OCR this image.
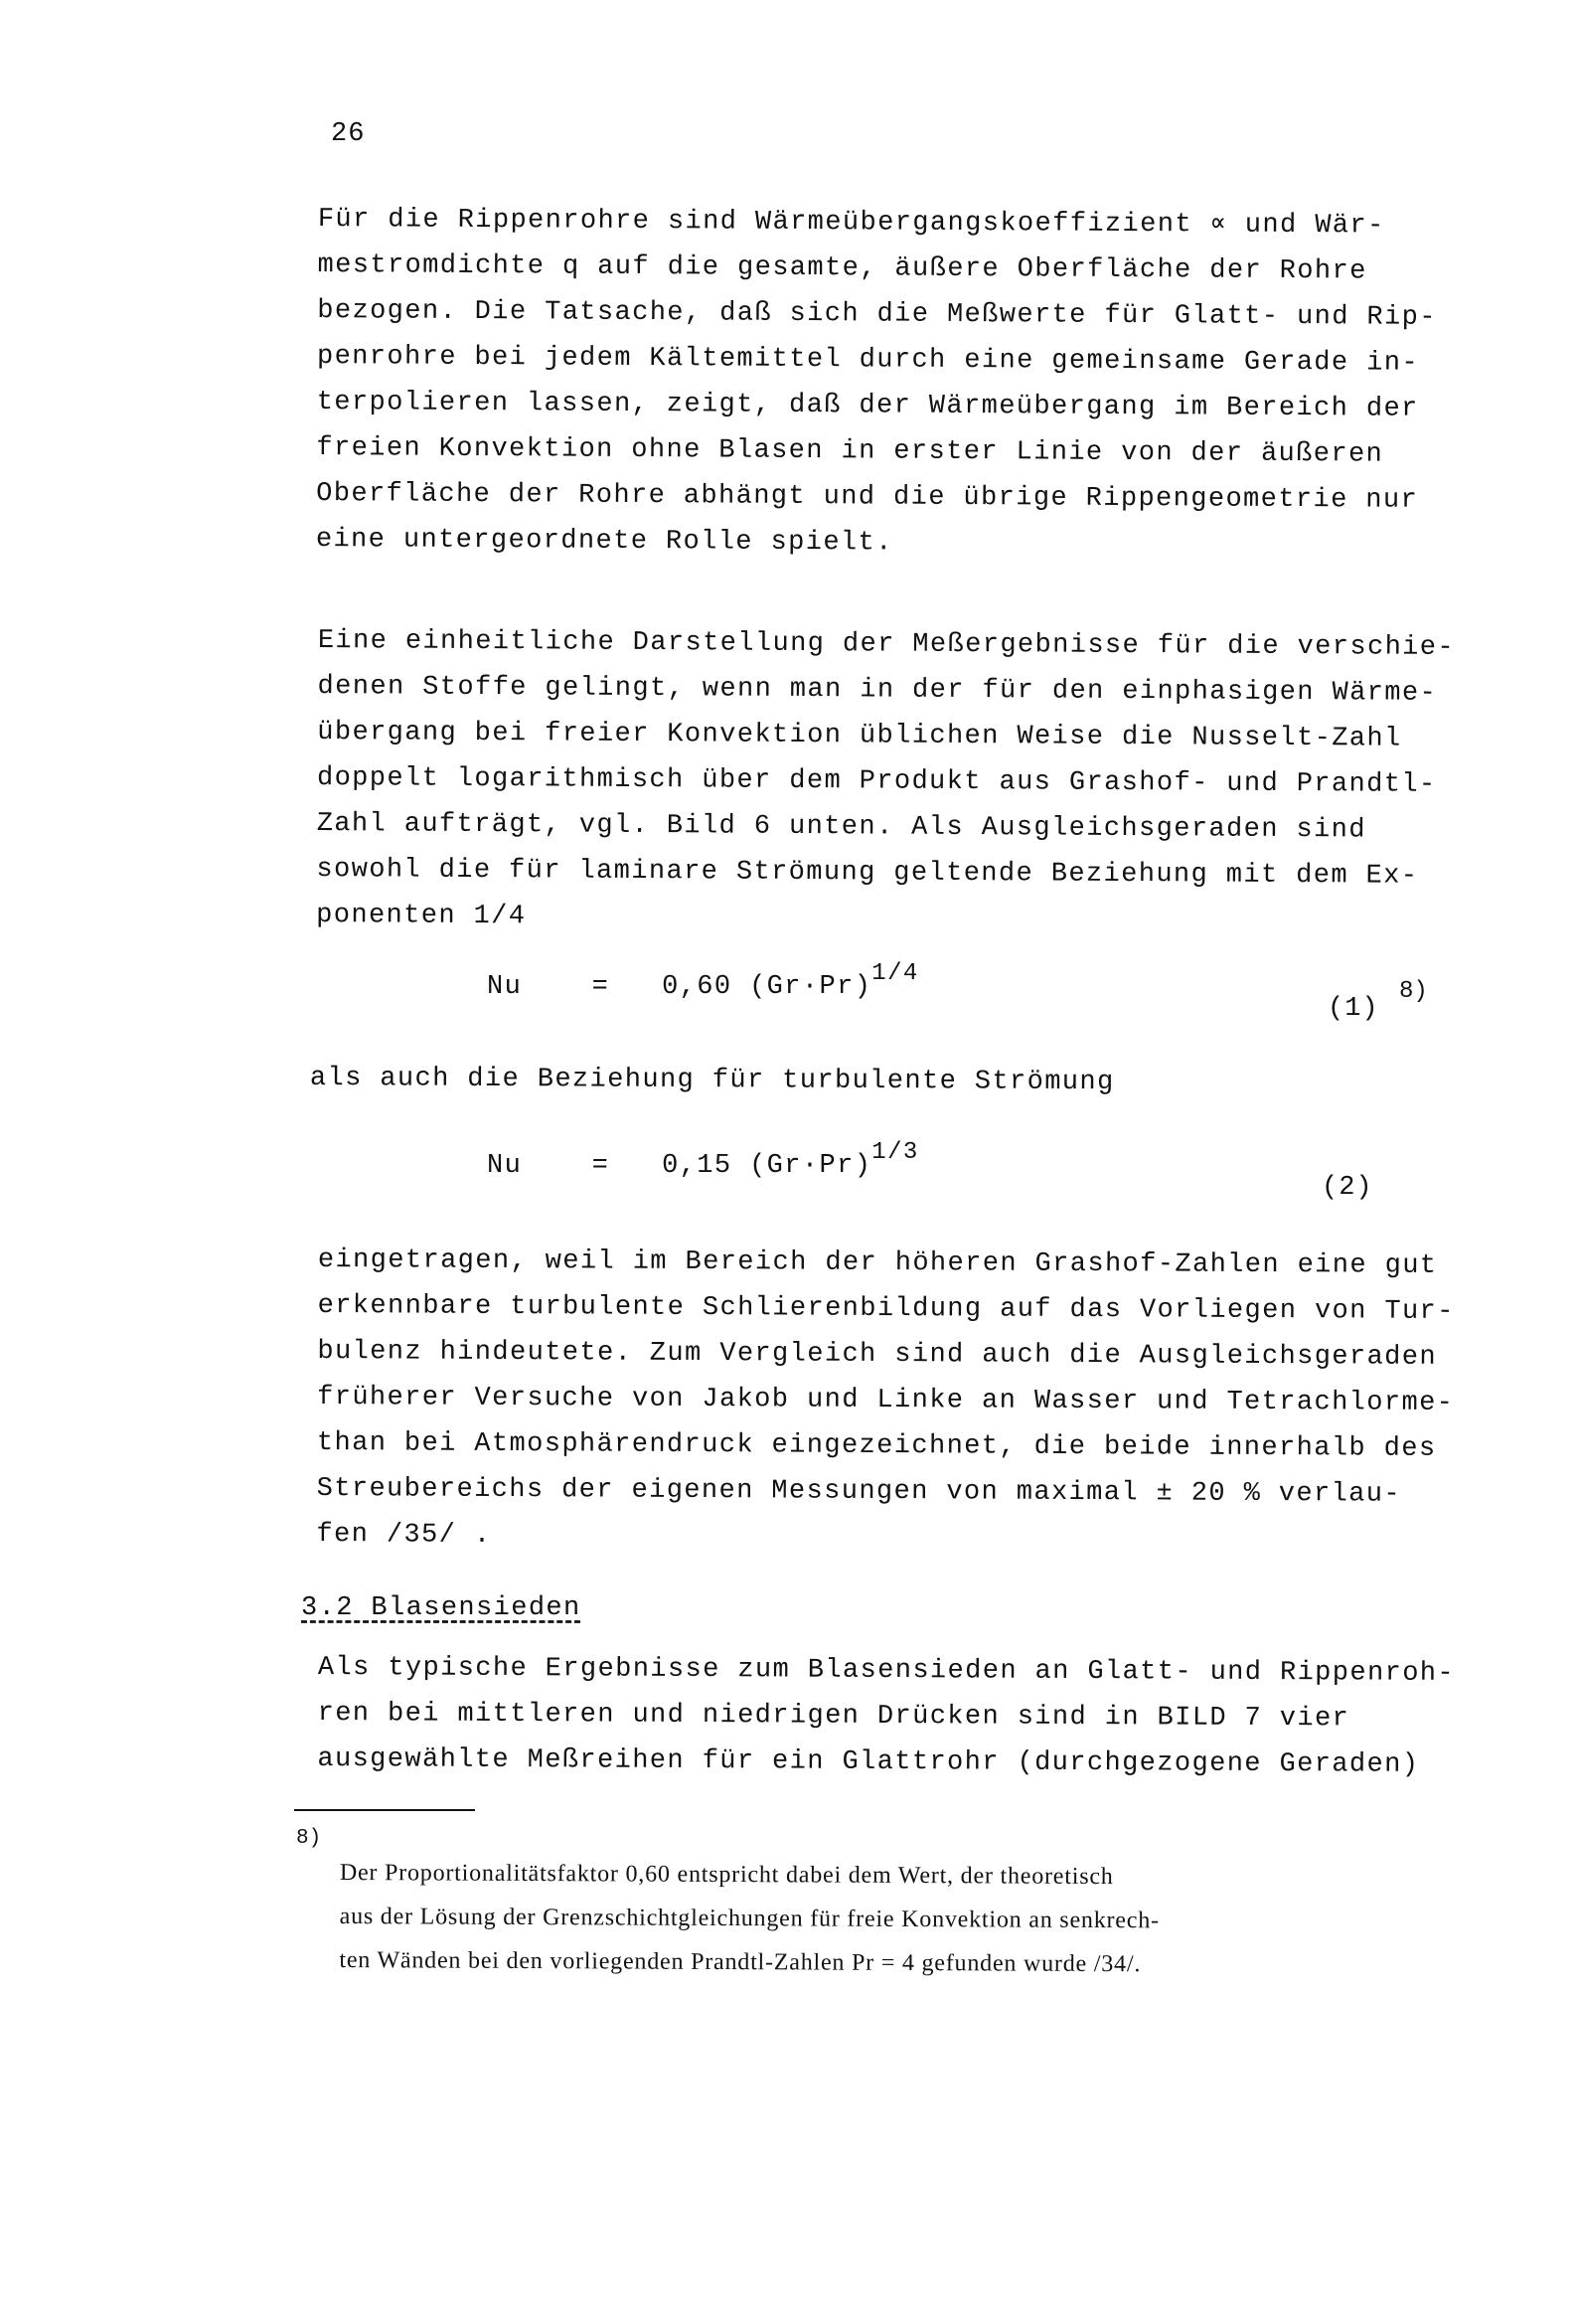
26
Für die Rippenrohre sind Wärmeübergangskoeffizient ∝ und Wär-
mestromdichte q auf die gesamte, äußere Oberfläche der Rohre
bezogen. Die Tatsache, daß sich die Meßwerte für Glatt- und Rip-
penrohre bei jedem Kältemittel durch eine gemeinsame Gerade in-
terpolieren lassen, zeigt, daß der Wärmeübergang im Bereich der
freien Konvektion ohne Blasen in erster Linie von der äußeren
Oberfläche der Rohre abhängt und die übrige Rippengeometrie nur
eine untergeordnete Rolle spielt.
Eine einheitliche Darstellung der Meßergebnisse für die verschie-
denen Stoffe gelingt, wenn man in der für den einphasigen Wärme-
übergang bei freier Konvektion üblichen Weise die Nusselt-Zahl
doppelt logarithmisch über dem Produkt aus Grashof- und Prandtl-
Zahl aufträgt, vgl. Bild 6 unten. Als Ausgleichsgeraden sind
sowohl die für laminare Strömung geltende Beziehung mit dem Ex-
ponenten 1/4
Nu	= 0,60 (Gr·Pr)1/4
(1)
8)
als auch die Beziehung für turbulente Strömung
Nu	= 0,15 (Gr·Pr)1/3
(2)
eingetragen, weil im Bereich der höheren Grashof-Zahlen eine gut
erkennbare turbulente Schlierenbildung auf das Vorliegen von Tur-
bulenz hindeutete. Zum Vergleich sind auch die Ausgleichsgeraden
früherer Versuche von Jakob und Linke an Wasser und Tetrachlorme-
than bei Atmosphärendruck eingezeichnet, die beide innerhalb des
Streubereichs der eigenen Messungen von maximal ± 20 % verlau-
fen /35/ .
3.2 Blasensieden
Als typische Ergebnisse zum Blasensieden an Glatt- und Rippenroh-
ren bei mittleren und niedrigen Drücken sind in BILD 7 vier
ausgewählte Meßreihen für ein Glattrohr (durchgezogene Geraden)
8)
Der Proportionalitätsfaktor 0,60 entspricht dabei dem Wert, der theoretisch
aus der Lösung der Grenzschichtgleichungen für freie Konvektion an senkrech-
ten Wänden bei den vorliegenden Prandtl-Zahlen Pr = 4 gefunden wurde /34/.
